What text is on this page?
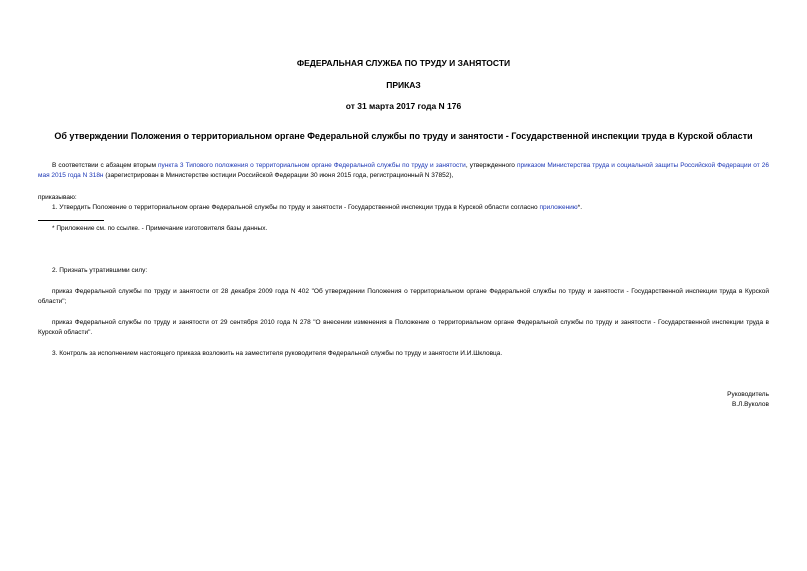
ФЕДЕРАЛЬНАЯ СЛУЖБА ПО ТРУДУ И ЗАНЯТОСТИ
ПРИКАЗ
от 31 марта 2017 года N 176
Об утверждении Положения о территориальном органе Федеральной службы по труду и занятости - Государственной инспекции труда в Курской области
В соответствии с абзацем вторым пункта 3 Типового положения о территориальном органе Федеральной службы по труду и занятости, утвержденного приказом Министерства труда и социальной защиты Российской Федерации от 26 мая 2015 года N 318н (зарегистрирован в Министерстве юстиции Российской Федерации 30 июня 2015 года, регистрационный N 37852),
приказываю:
1. Утвердить Положение о территориальном органе Федеральной службы по труду и занятости - Государственной инспекции труда в Курской области согласно приложению*.
* Приложение см. по ссылке. - Примечание изготовителя базы данных.
2. Признать утратившими силу:
приказ Федеральной службы по труду и занятости от 28 декабря 2009 года N 402 "Об утверждении Положения о территориальном органе Федеральной службы по труду и занятости - Государственной инспекции труда в Курской области";
приказ Федеральной службы по труду и занятости от 29 сентября 2010 года N 278 "О внесении изменения в Положение о территориальном органе Федеральной службы по труду и занятости - Государственной инспекции труда в Курской области".
3. Контроль за исполнением настоящего приказа возложить на заместителя руководителя Федеральной службы по труду и занятости И.И.Шкловца.
Руководитель
В.Л.Вуколов
